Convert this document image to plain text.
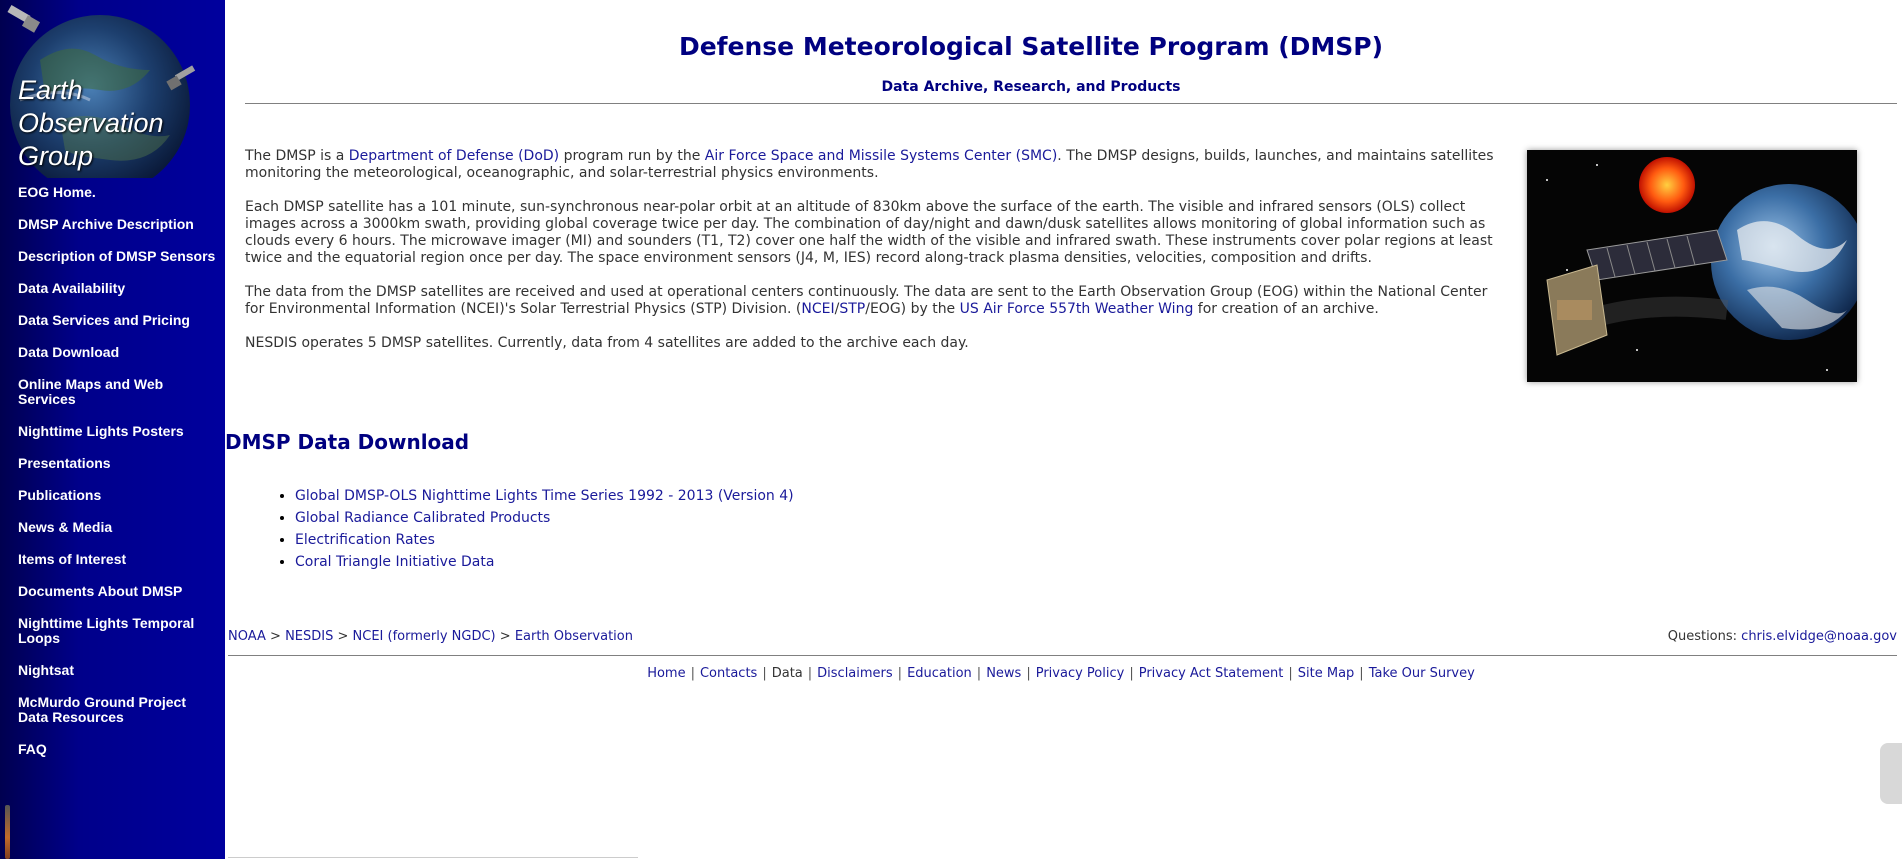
Earth
Observation
Group
EOG Home.
DMSP Archive Description
Description of DMSP Sensors
Data Availability
Data Services and Pricing
Data Download
Online Maps and Web Services
Nighttime Lights Posters
Presentations
Publications
News & Media
Items of Interest
Documents About DMSP
Nighttime Lights Temporal Loops
Nightsat
McMurdo Ground Project Data Resources
FAQ
Defense Meteorological Satellite Program (DMSP)
Data Archive, Research, and Products

The DMSP is a Department of Defense (DoD) program run by the Air Force Space and Missile Systems Center (SMC). The DMSP designs, builds, launches, and maintains satellites monitoring the meteorological, oceanographic, and solar-terrestrial physics environments.

Each DMSP satellite has a 101 minute, sun-synchronous near-polar orbit at an altitude of 830km above the surface of the earth. The visible and infrared sensors (OLS) collect images across a 3000km swath, providing global coverage twice per day. The combination of day/night and dawn/dusk satellites allows monitoring of global information such as clouds every 6 hours. The microwave imager (MI) and sounders (T1, T2) cover one half the width of the visible and infrared swath. These instruments cover polar regions at least twice and the equatorial region once per day. The space environment sensors (J4, M, IES) record along-track plasma densities, velocities, composition and drifts.

The data from the DMSP satellites are received and used at operational centers continuously. The data are sent to the Earth Observation Group (EOG) within the National Center for Environmental Information (NCEI)'s Solar Terrestrial Physics (STP) Division. (NCEI/STP/EOG) by the US Air Force 557th Weather Wing for creation of an archive.

NESDIS operates 5 DMSP satellites. Currently, data from 4 satellites are added to the archive each day.

DMSP Data Download
• Global DMSP-OLS Nighttime Lights Time Series 1992 - 2013 (Version 4)
• Global Radiance Calibrated Products
• Electrification Rates
• Coral Triangle Initiative Data
NOAA > NESDIS > NCEI (formerly NGDC) > Earth Observation	Questions: chris.elvidge@noaa.gov
Home | Contacts | Data | Disclaimers | Education | News | Privacy Policy | Privacy Act Statement | Site Map | Take Our Survey
